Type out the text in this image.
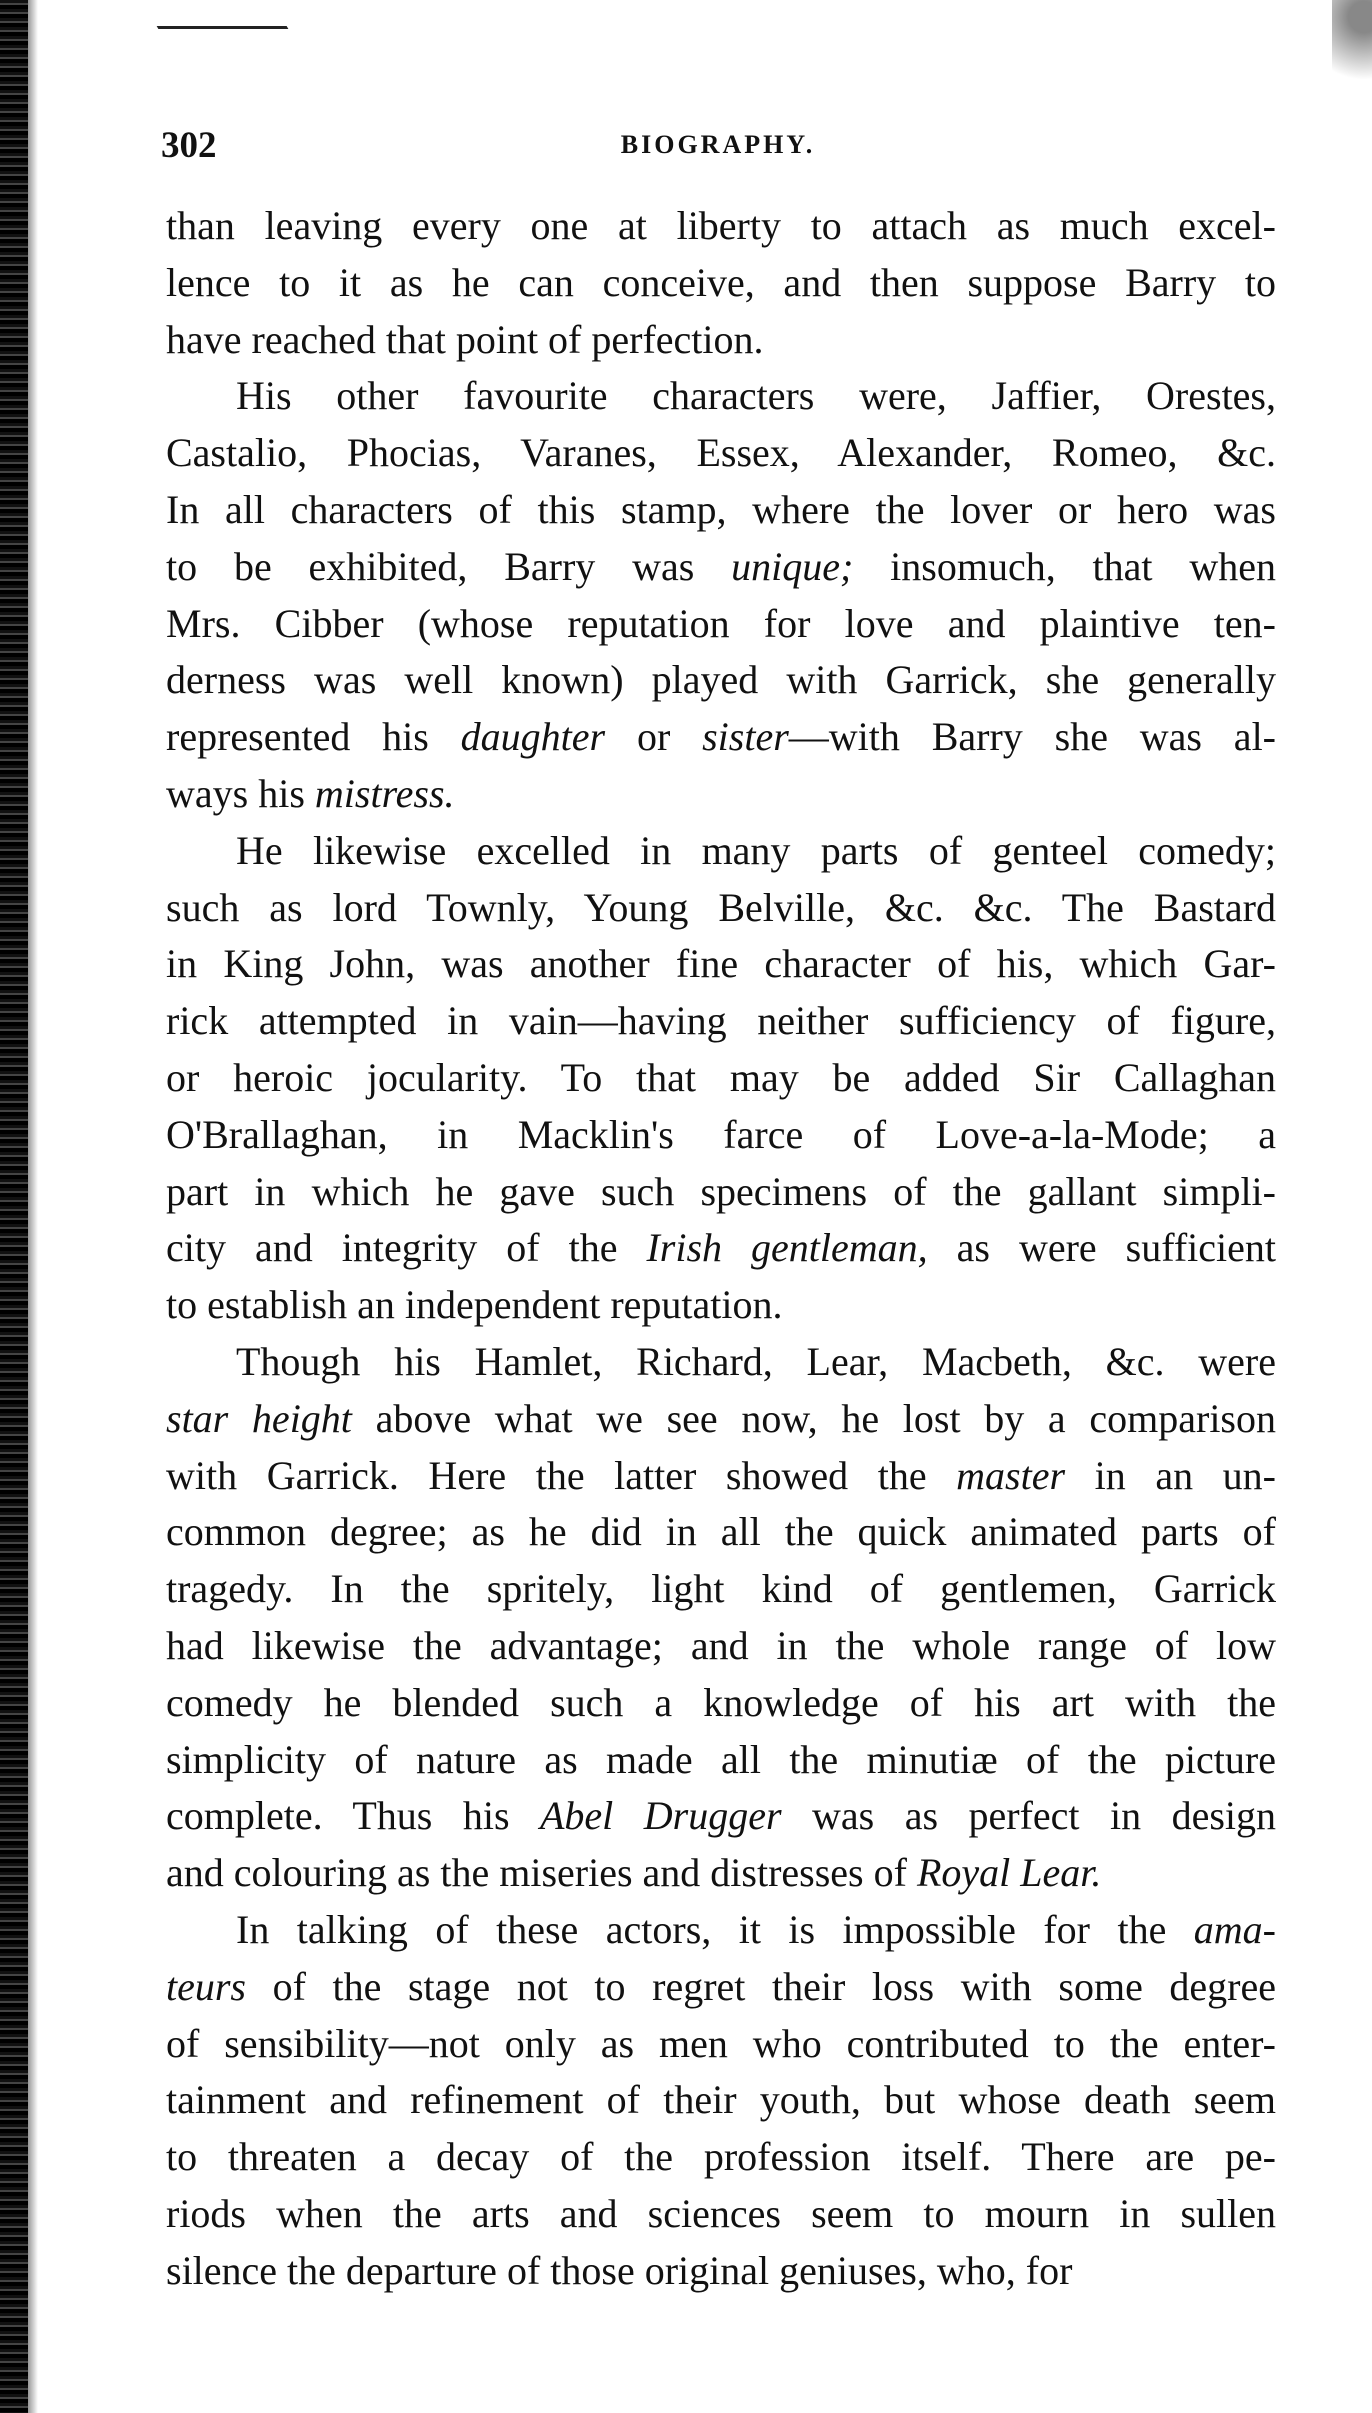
302	BIOGRAPHY.
than leaving every one at liberty to attach as much excel-
lence to it as he can conceive, and then suppose Barry to
have reached that point of perfection.
His other favourite characters were, Jaffier, Orestes,
Castalio, Phocias, Varanes, Essex, Alexander, Romeo, &c.
In all characters of this stamp, where the lover or hero was
to be exhibited, Barry was unique; insomuch, that when
Mrs. Cibber (whose reputation for love and plaintive ten-
derness was well known) played with Garrick, she generally
represented his daughter or sister—with Barry she was al-
ways his mistress.
He likewise excelled in many parts of genteel comedy;
such as lord Townly, Young Belville, &c. &c. The Bastard
in King John, was another fine character of his, which Gar-
rick attempted in vain—having neither sufficiency of figure,
or heroic jocularity. To that may be added Sir Callaghan
O'Brallaghan, in Macklin's farce of Love-a-la-Mode; a
part in which he gave such specimens of the gallant simpli-
city and integrity of the Irish gentleman, as were sufficient
to establish an independent reputation.
Though his Hamlet, Richard, Lear, Macbeth, &c. were
star height above what we see now, he lost by a comparison
with Garrick. Here the latter showed the master in an un-
common degree; as he did in all the quick animated parts of
tragedy. In the spritely, light kind of gentlemen, Garrick
had likewise the advantage; and in the whole range of low
comedy he blended such a knowledge of his art with the
simplicity of nature as made all the minutiæ of the picture
complete. Thus his Abel Drugger was as perfect in design
and colouring as the miseries and distresses of Royal Lear.
In talking of these actors, it is impossible for the ama-
teurs of the stage not to regret their loss with some degree
of sensibility—not only as men who contributed to the enter-
tainment and refinement of their youth, but whose death seem
to threaten a decay of the profession itself. There are pe-
riods when the arts and sciences seem to mourn in sullen
silence the departure of those original geniuses, who, for
